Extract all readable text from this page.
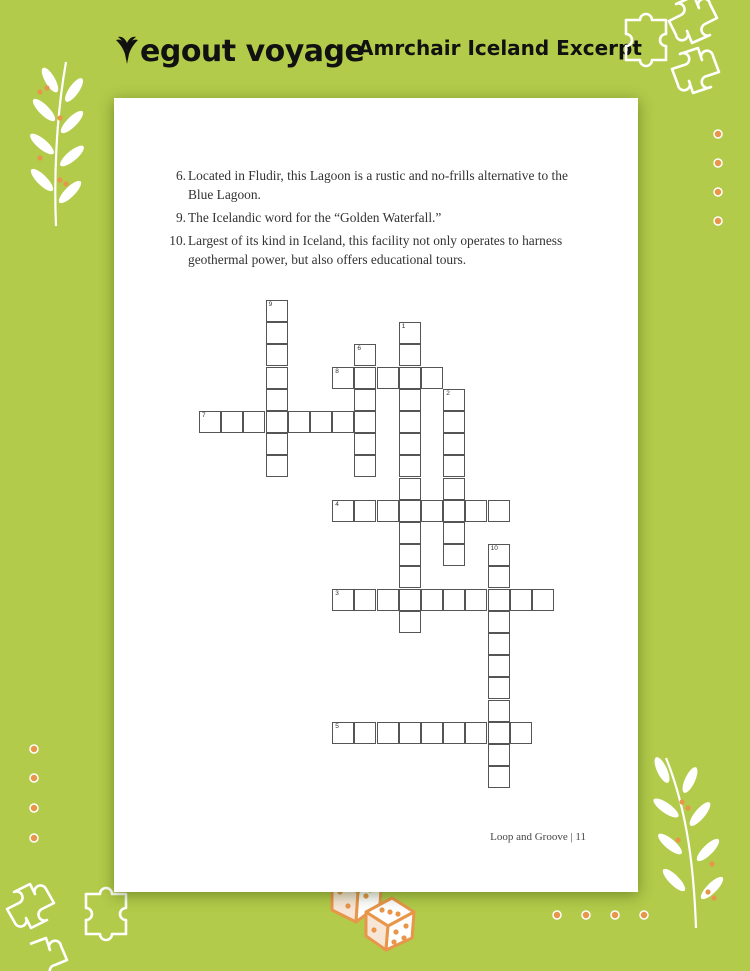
egout voyage
Amrchair Iceland Excerpt
6. Located in Fludir, this Lagoon is a rustic and no-frills alternative to the Blue Lagoon.
9. The Icelandic word for the “Golden Waterfall.”
10. Largest of its kind in Iceland, this facility not only operates to harness geothermal power, but also offers educational tours.
9
1
6
8
2
7
4
10
3
5
Loop and Groove | 11
